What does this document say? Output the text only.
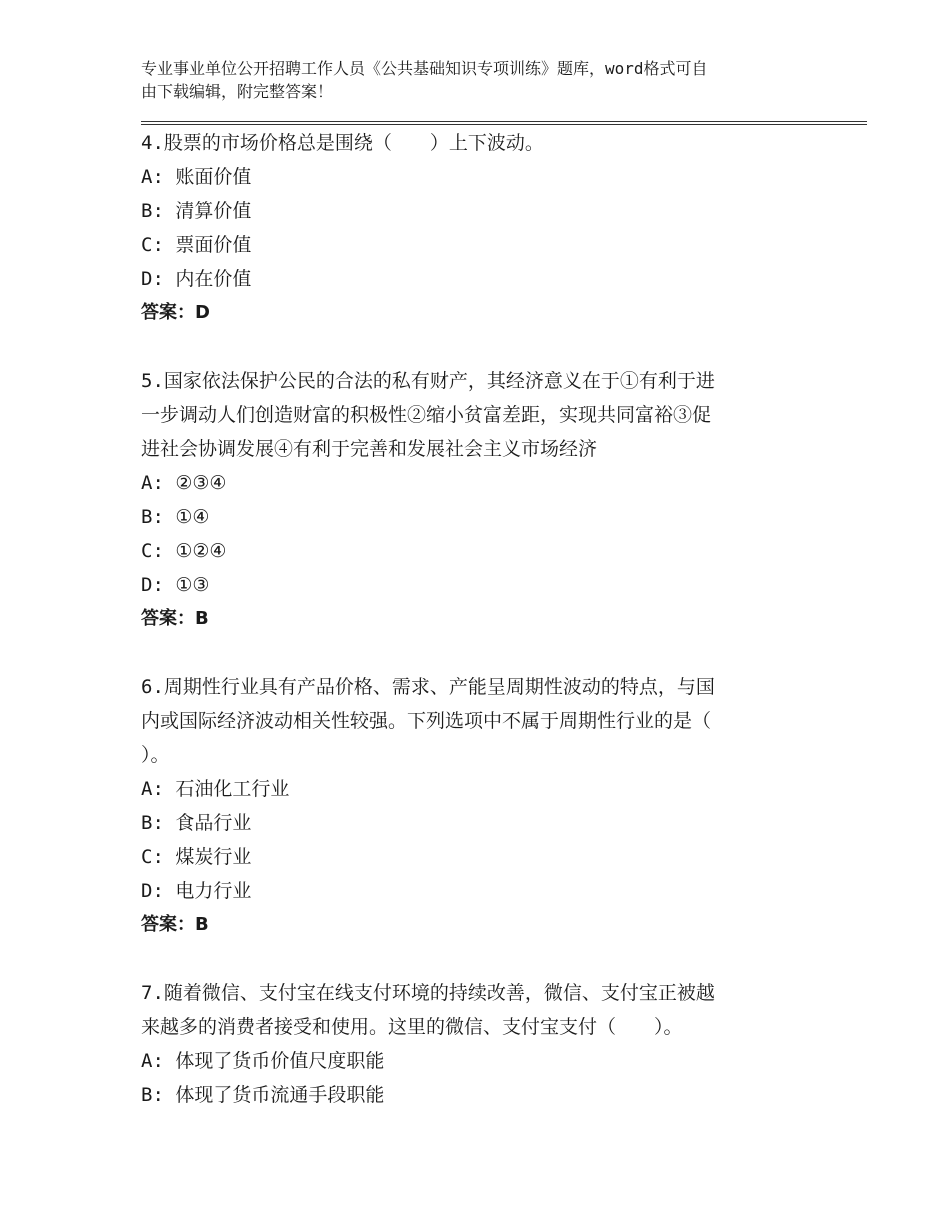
专业事业单位公开招聘工作人员《公共基础知识专项训练》题库，word格式可自
由下载编辑，附完整答案！
4.股票的市场价格总是围绕（　　）上下波动。
A: 账面价值
B: 清算价值
C: 票面价值
D: 内在价值
答案：D
5.国家依法保护公民的合法的私有财产，其经济意义在于①有利于进
一步调动人们创造财富的积极性②缩小贫富差距，实现共同富裕③促
进社会协调发展④有利于完善和发展社会主义市场经济
A: ②③④
B: ①④
C: ①②④
D: ①③
答案：B
6.周期性行业具有产品价格、需求、产能呈周期性波动的特点，与国
内或国际经济波动相关性较强。下列选项中不属于周期性行业的是（
）。
A: 石油化工行业
B: 食品行业
C: 煤炭行业
D: 电力行业
答案：B
7.随着微信、支付宝在线支付环境的持续改善，微信、支付宝正被越
来越多的消费者接受和使用。这里的微信、支付宝支付（　　）。
A: 体现了货币价值尺度职能
B: 体现了货币流通手段职能
